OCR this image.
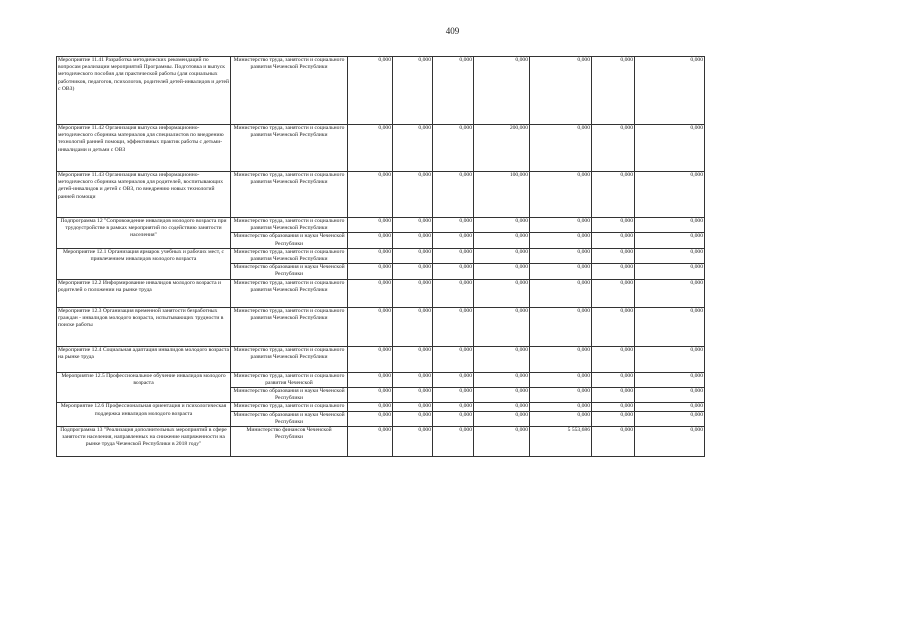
409
Мероприятие 11.41 Разработка методических рекомендаций по вопросам реализации мероприятий Программы. Подготовка и выпуск методического пособия для практической работы (для социальных работников, педагогов, психологов, родителей детей-инвалидов и детей с ОВЗ)	Министерство труда, занятости и социального развития Чеченской Республики	0,000	0,000	0,000	0,000	0,000	0,000	0,000
Мероприятие 11.42 Организация выпуска информационно-методического сборника материалов для специалистов по внедрению технологий ранней помощи, эффективных практик работы с детьми-инвалидами и детьми с ОВЗ	Министерство труда, занятости и социального развития Чеченской Республики	0,000	0,000	0,000	200,000	0,000	0,000	0,000
Мероприятие 11.43 Организация выпуска информационно-методического сборника материалов для родителей, воспитывающих детей-инвалидов и детей с ОВЗ, по внедрению новых технологий ранней помощи	Министерство труда, занятости и социального развития Чеченской Республики	0,000	0,000	0,000	100,000	0,000	0,000	0,000
Подпрограмма 12 "Сопровождение инвалидов молодого возраста при трудоустройстве в рамках мероприятий по содействию занятости населения"	Министерство труда, занятости и социального развития Чеченской Республики	0,000	0,000	0,000	0,000	0,000	0,000	0,000
	Министерство образования и науки Чеченской Республики	0,000	0,000	0,000	0,000	0,000	0,000	0,000
Мероприятие 12.1 Организация ярмарок учебных и рабочих мест, с привлечением инвалидов молодого возраста	Министерство труда, занятости и социального развития Чеченской Республики	0,000	0,000	0,000	0,000	0,000	0,000	0,000
	Министерство образования и науки Чеченской Республики	0,000	0,000	0,000	0,000	0,000	0,000	0,000
Мероприятие 12.2 Информирование инвалидов молодого возраста и родителей о положении на рынке труда	Министерство труда, занятости и социального развития Чеченской Республики	0,000	0,000	0,000	0,000	0,000	0,000	0,000
Мероприятие 12.3 Организация временной занятости безработных граждан - инвалидов молодого возраста, испытывающих трудности в поиске работы	Министерство труда, занятости и социального развития Чеченской Республики	0,000	0,000	0,000	0,000	0,000	0,000	0,000
Мероприятие 12.4 Социальная адаптация инвалидов молодого возраста на рынке труда	Министерство труда, занятости и социального развития Чеченской Республики	0,000	0,000	0,000	0,000	0,000	0,000	0,000
Мероприятие 12.5 Профессиональное обучение инвалидов молодого возраста	Министерство труда, занятости и социального развития Чеченской	0,000	0,000	0,000	0,000	0,000	0,000	0,000
	Министерство образования и науки Чеченской Республики	0,000	0,000	0,000	0,000	0,000	0,000	0,000
Мероприятие 12.6 Профессиональная ориентация и психологическая поддержка инвалидов молодого возраста	Министерство труда, занятости и социального	0,000	0,000	0,000	0,000	0,000	0,000	0,000
	Министерство образования и науки Чеченской Республики	0,000	0,000	0,000	0,000	0,000	0,000	0,000
Подпрограмма 13 "Реализация дополнительных мероприятий в сфере занятости населения, направленных на снижение напряженности на рынке труда Чеченской Республики в 2018 году"	Министерство финансов Чеченской Республики	0,000	0,000	0,000	0,000	5 553,686	0,000	0,000
